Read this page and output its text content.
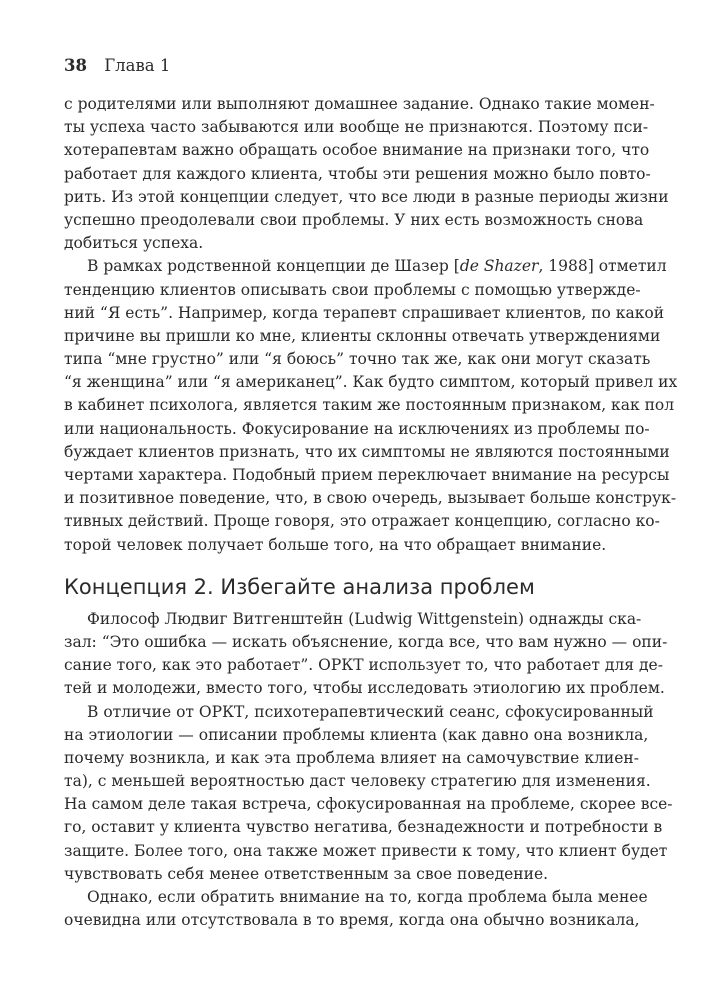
38 Глава 1
с родителями или выполняют домашнее задание. Однако такие момен-
ты успеха часто забываются или вообще не признаются. Поэтому пси-
хотерапевтам важно обращать особое внимание на признаки того, что
работает для каждого клиента, чтобы эти решения можно было повто-
рить. Из этой концепции следует, что все люди в разные периоды жизни
успешно преодолевали свои проблемы. У них есть возможность снова
добиться успеха.
В рамках родственной концепции де Шазер [de Shazer, 1988] отметил
тенденцию клиентов описывать свои проблемы с помощью утвержде-
ний “Я есть”. Например, когда терапевт спрашивает клиентов, по какой
причине вы пришли ко мне, клиенты склонны отвечать утверждениями
типа “мне грустно” или “я боюсь” точно так же, как они могут сказать
“я женщина” или “я американец”. Как будто симптом, который привел их
в кабинет психолога, является таким же постоянным признаком, как пол
или национальность. Фокусирование на исключениях из проблемы по-
буждает клиентов признать, что их симптомы не являются постоянными
чертами характера. Подобный прием переключает внимание на ресурсы
и позитивное поведение, что, в свою очередь, вызывает больше конструк-
тивных действий. Проще говоря, это отражает концепцию, согласно ко-
торой человек получает больше того, на что обращает внимание.
Концепция 2. Избегайте анализа проблем
Философ Людвиг Витгенштейн (Ludwig Wittgenstein) однажды ска-
зал: “Это ошибка — искать объяснение, когда все, что вам нужно — опи-
сание того, как это работает”. ОРКТ использует то, что работает для де-
тей и молодежи, вместо того, чтобы исследовать этиологию их проблем.
В отличие от ОРКТ, психотерапевтический сеанс, сфокусированный
на этиологии — описании проблемы клиента (как давно она возникла,
почему возникла, и как эта проблема влияет на самочувствие клиен-
та), с меньшей вероятностью даст человеку стратегию для изменения.
На самом деле такая встреча, сфокусированная на проблеме, скорее все-
го, оставит у клиента чувство негатива, безнадежности и потребности в
защите. Более того, она также может привести к тому, что клиент будет
чувствовать себя менее ответственным за свое поведение.
Однако, если обратить внимание на то, когда проблема была менее
очевидна или отсутствовала в то время, когда она обычно возникала,
